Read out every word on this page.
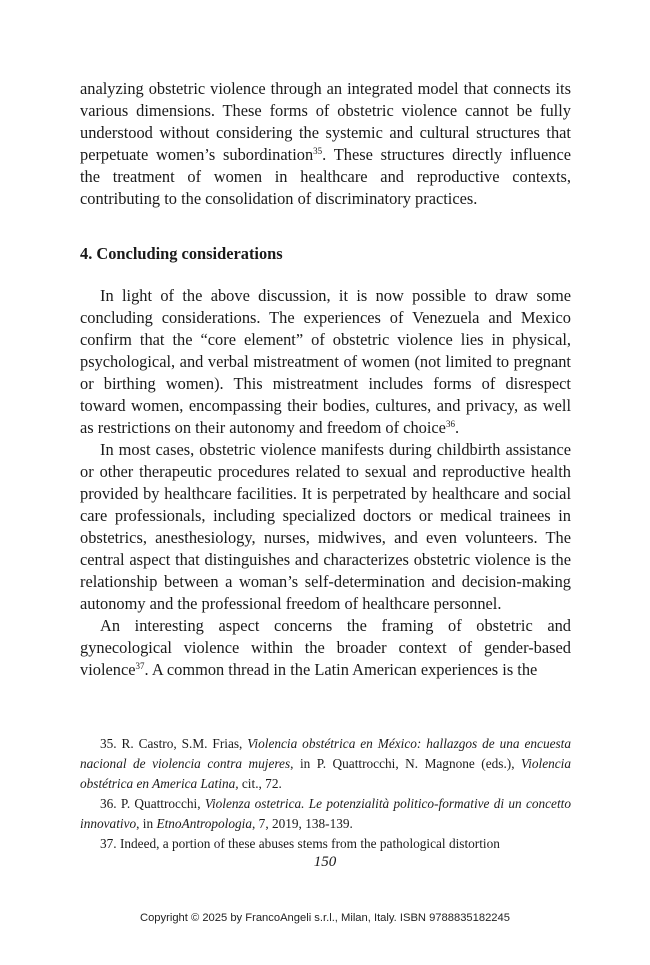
analyzing obstetric violence through an integrated model that connects its various dimensions. These forms of obstetric violence cannot be fully understood without considering the systemic and cultural structures that perpetuate women’s subordination$^{35}$. These structures directly influence the treatment of women in healthcare and reproductive contexts, contributing to the consolidation of discriminatory practices.

4. Concluding considerations

In light of the above discussion, it is now possible to draw some concluding considerations. The experiences of Venezuela and Mexico confirm that the “core element” of obstetric violence lies in physical, psychological, and verbal mistreatment of women (not limited to pregnant or birthing women). This mistreatment includes forms of disrespect toward women, encompassing their bodies, cultures, and privacy, as well as restrictions on their autonomy and freedom of choice$^{36}$.

In most cases, obstetric violence manifests during childbirth assistance or other therapeutic procedures related to sexual and reproductive health provided by healthcare facilities. It is perpetrated by healthcare and social care professionals, including specialized doctors or medical trainees in obstetrics, anesthesiology, nurses, midwives, and even volunteers. The central aspect that distinguishes and characterizes obstetric violence is the relationship between a woman’s self-determination and decision-making autonomy and the professional freedom of healthcare personnel.

An interesting aspect concerns the framing of obstetric and gynecological violence within the broader context of gender-based violence$^{37}$. A common thread in the Latin American experiences is the

35. R. Castro, S.M. Frias, Violencia obstétrica en México: hallazgos de una encuesta nacional de violencia contra mujeres, in P. Quattrocchi, N. Magnone (eds.), Violencia obstétrica en America Latina, cit., 72.

36. P. Quattrocchi, Violenza ostetrica. Le potenzialità politico-formative di un concetto innovativo, in EtnoAntropologia, 7, 2019, 138-139.

37. Indeed, a portion of these abuses stems from the pathological distortion

150
Copyright © 2025 by FrancoAngeli s.r.l., Milan, Italy. ISBN 9788835182245
